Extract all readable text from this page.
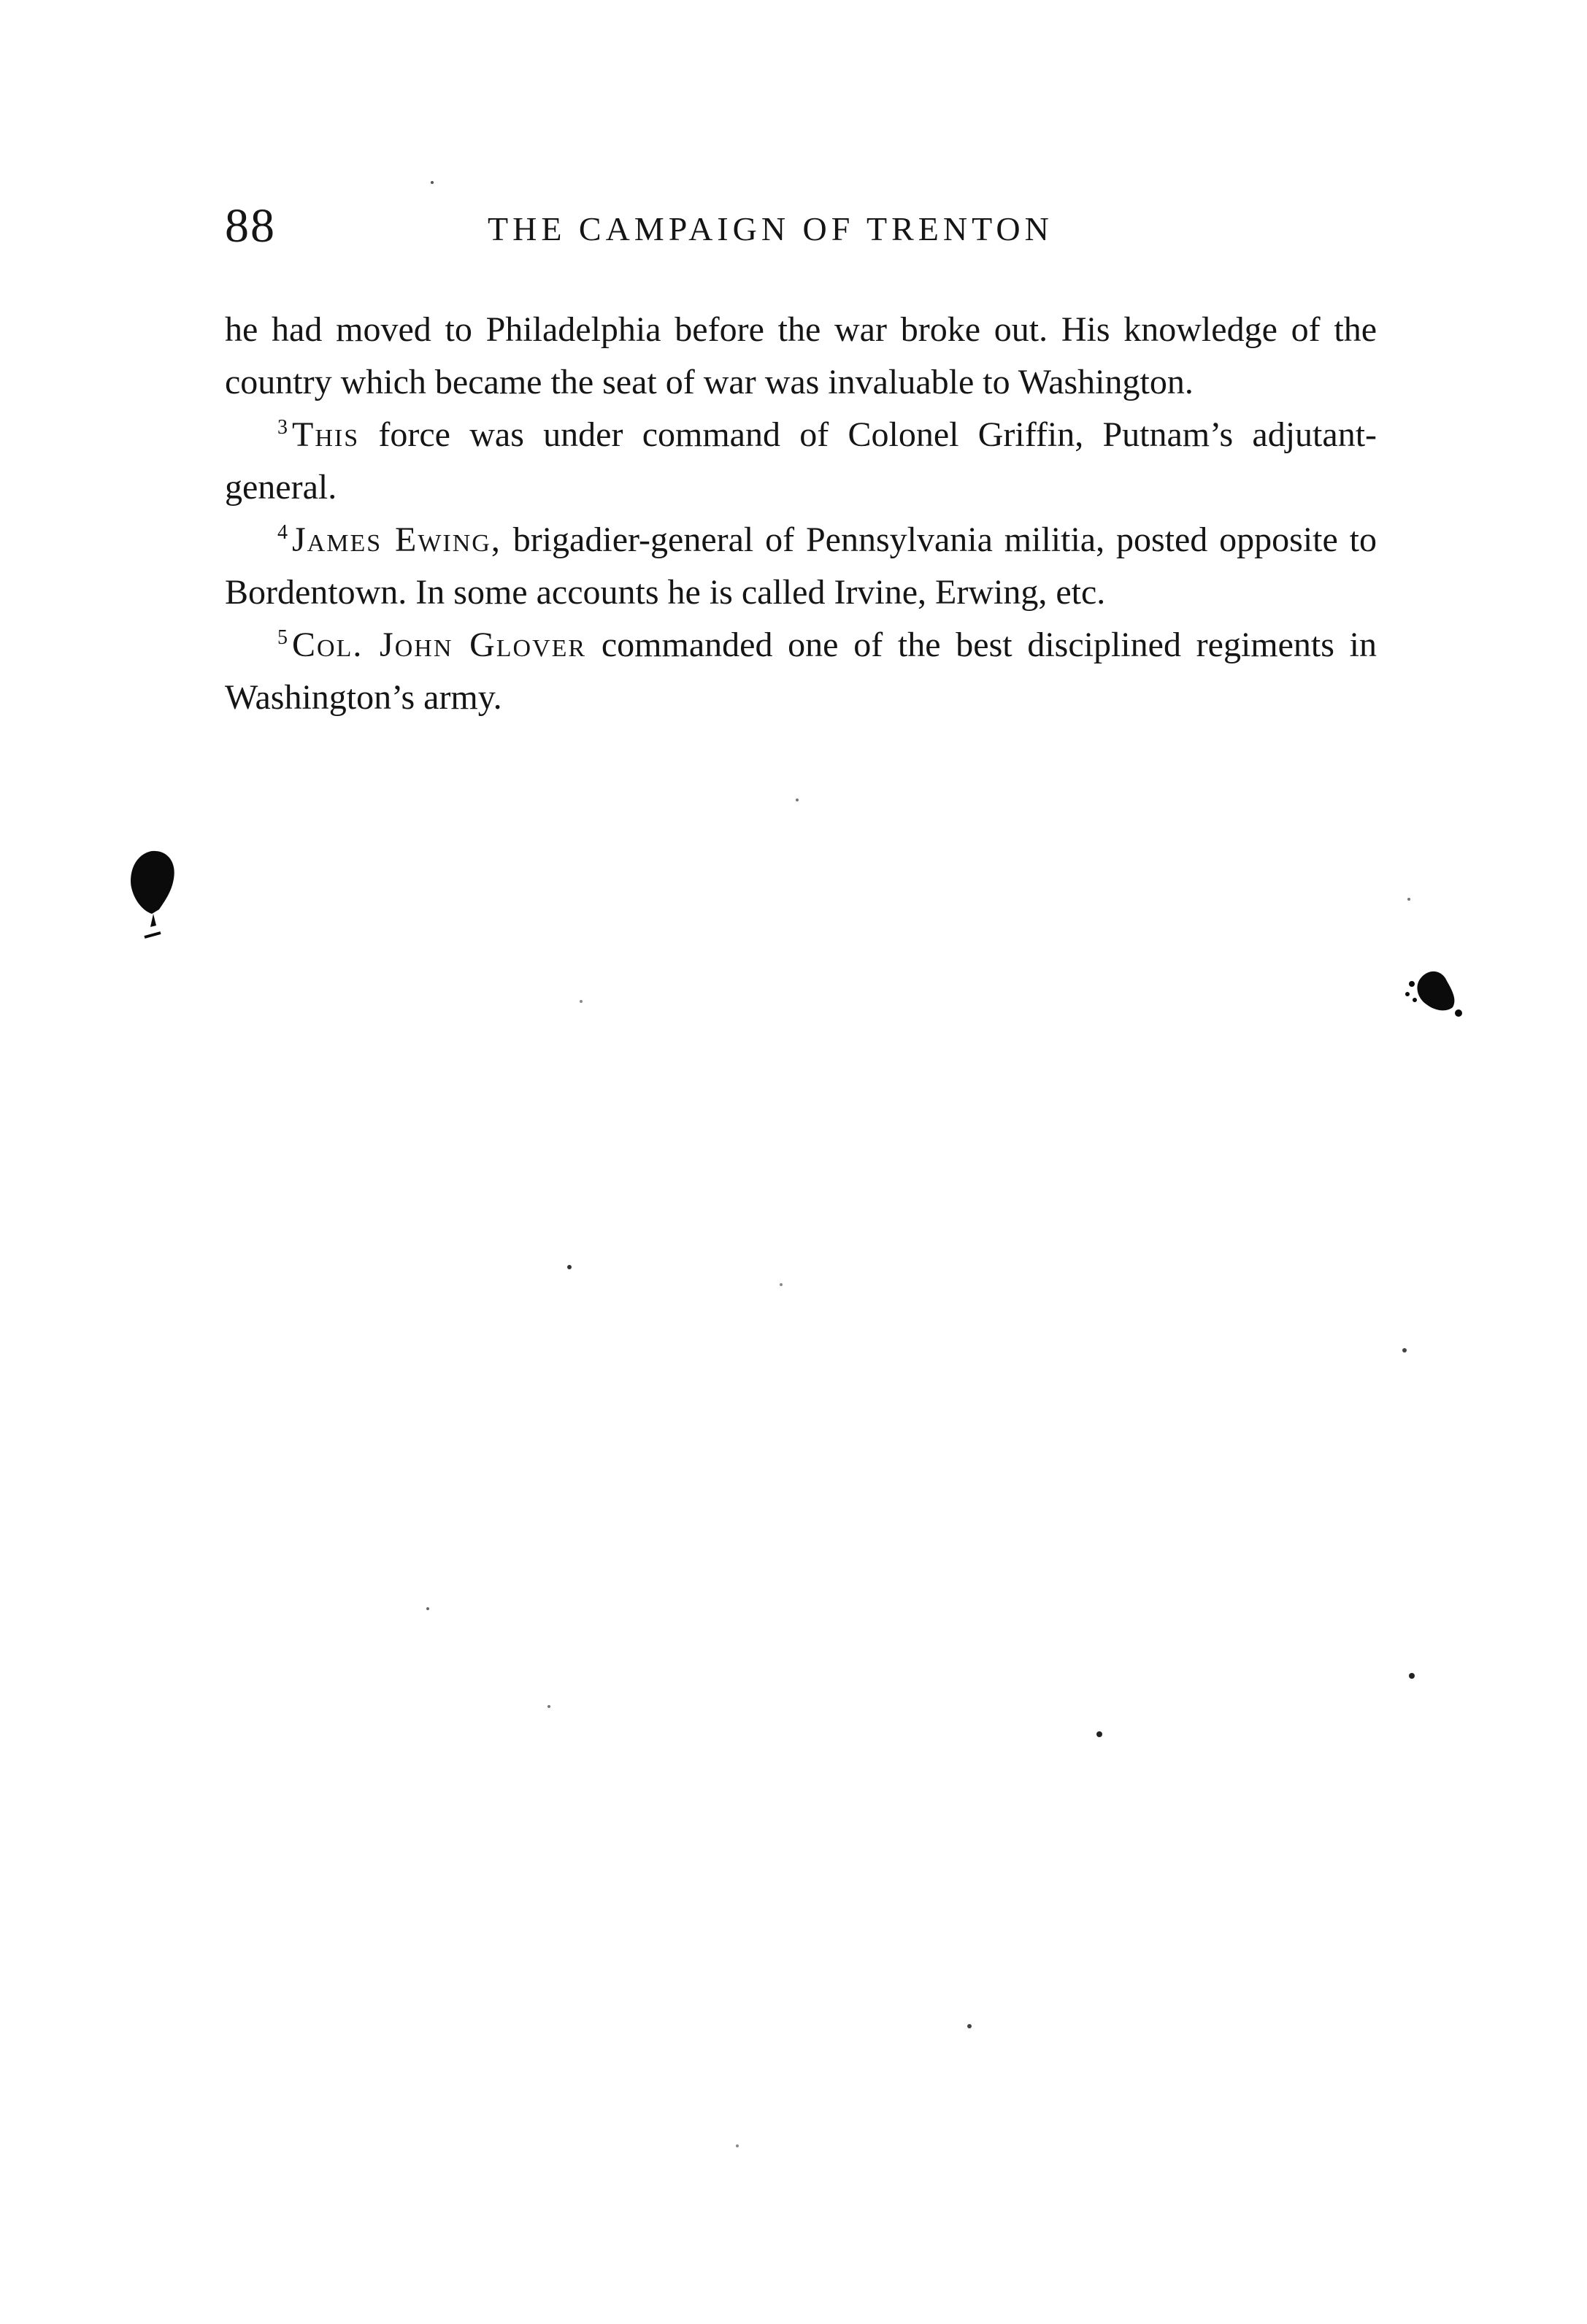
88	THE CAMPAIGN OF TRENTON

he had moved to Philadelphia before the war broke out. His knowledge of the country which became the seat of war was invaluable to Washington.

$^3$ This force was under command of Colonel Griffin, Putnam’s adjutant-general.

$^4$ James Ewing, brigadier-general of Pennsylvania militia, posted opposite to Bordentown. In some accounts he is called Irvine, Erwing, etc.

$^5$ Col. John Glover commanded one of the best disciplined regiments in Washington’s army.
